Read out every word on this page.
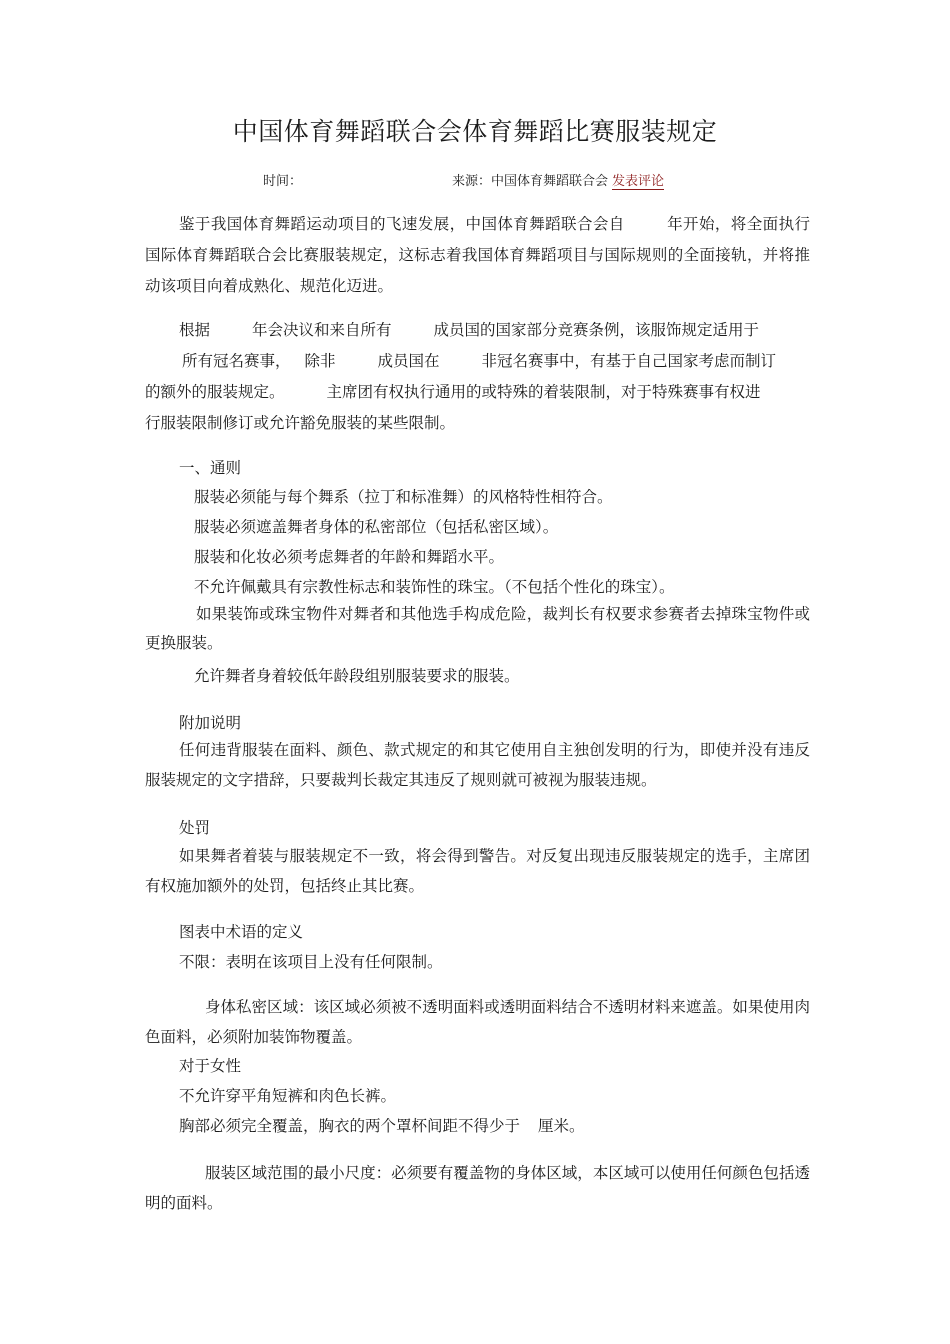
中国体育舞蹈联合会体育舞蹈比赛服装规定
时间：	来源：中国体育舞蹈联合会 发表评论
鉴于我国体育舞蹈运动项目的飞速发展，中国体育舞蹈联合会自	年开始，将全面执行国际体育舞蹈联合会比赛服装规定，这标志着我国体育舞蹈项目与国际规则的全面接轨，并将推动该项目向着成熟化、规范化迈进。
根据	年会决议和来自所有	成员国的国家部分竞赛条例，该服饰规定适用于
所有冠名赛事， 除非	成员国在	非冠名赛事中，有基于自己国家考虑而制订
的额外的服装规定。	主席团有权执行通用的或特殊的着装限制，对于特殊赛事有权进
行服装限制修订或允许豁免服装的某些限制。
一、通则
服装必须能与每个舞系（拉丁和标准舞）的风格特性相符合。
服装必须遮盖舞者身体的私密部位（包括私密区域）。
服装和化妆必须考虑舞者的年龄和舞蹈水平。
不允许佩戴具有宗教性标志和装饰性的珠宝。（不包括个性化的珠宝）。
如果装饰或珠宝物件对舞者和其他选手构成危险，裁判长有权要求参赛者去掉珠宝物件或更换服装。
允许舞者身着较低年龄段组别服装要求的服装。
附加说明
任何违背服装在面料、颜色、款式规定的和其它使用自主独创发明的行为，即使并没有违反服装规定的文字措辞，只要裁判长裁定其违反了规则就可被视为服装违规。
处罚
如果舞者着装与服装规定不一致，将会得到警告。对反复出现违反服装规定的选手，主席团有权施加额外的处罚，包括终止其比赛。
图表中术语的定义
不限：表明在该项目上没有任何限制。
身体私密区域：该区域必须被不透明面料或透明面料结合不透明材料来遮盖。如果使用肉色面料，必须附加装饰物覆盖。
对于女性
不允许穿平角短裤和肉色长裤。
胸部必须完全覆盖，胸衣的两个罩杯间距不得少于 厘米。
服装区域范围的最小尺度：必须要有覆盖物的身体区域，本区域可以使用任何颜色包括透明的面料。
